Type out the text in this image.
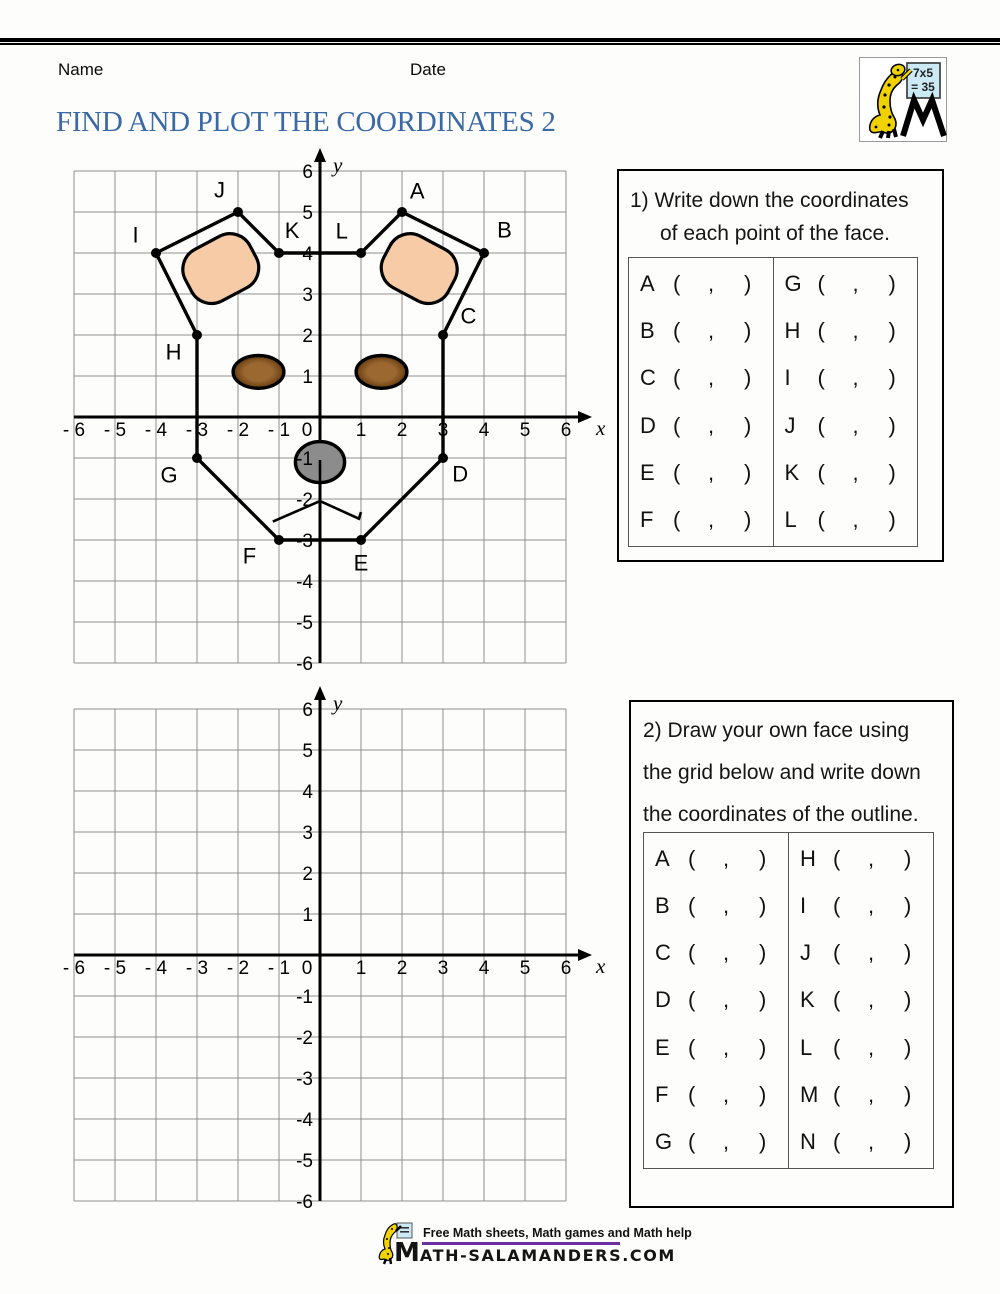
Name	Date	7x5
= 35
FIND AND PLOT THE COORDINATES 2
A
B
C
D
E
F
G
H
I
J
K L
- 6 - 5 - 4 - 3 - 2 - 1 0 1 2 3 4 5 6
6
5
4
3
2
1
-1
-2
-3
-4
-5
-6
y
x
- 6 - 5 - 4 - 3 - 2 - 1 0 1 2 3 4 5 6
6
5
4
3
2
1
-1
-2
-3
-4
-5
-6
y
x
1) Write down the coordinates
of each point of the face.
A (	,	)
B (	,	)
C (	,	)
D (	,	)
E (	,	)
F (	,	)
G (	,	)
H (	,	)
I	(	,	)
J	(	,	)
K (	,	)
L (	,	)
2) Draw your own face using
the grid below and write down
the coordinates of the outline.
A (	,	)
B (	,	)
C (	,	)
D (	,	)
E (	,	)
F (	,	)
G (	,	)
H (	,	)
I	(	,	)
J	(	,	)
K (	,	)
L (	,	)
M (	,	)
N (	,	)
Free Math sheets, Math games and Math help
MATH-SALAMANDERS.COM
